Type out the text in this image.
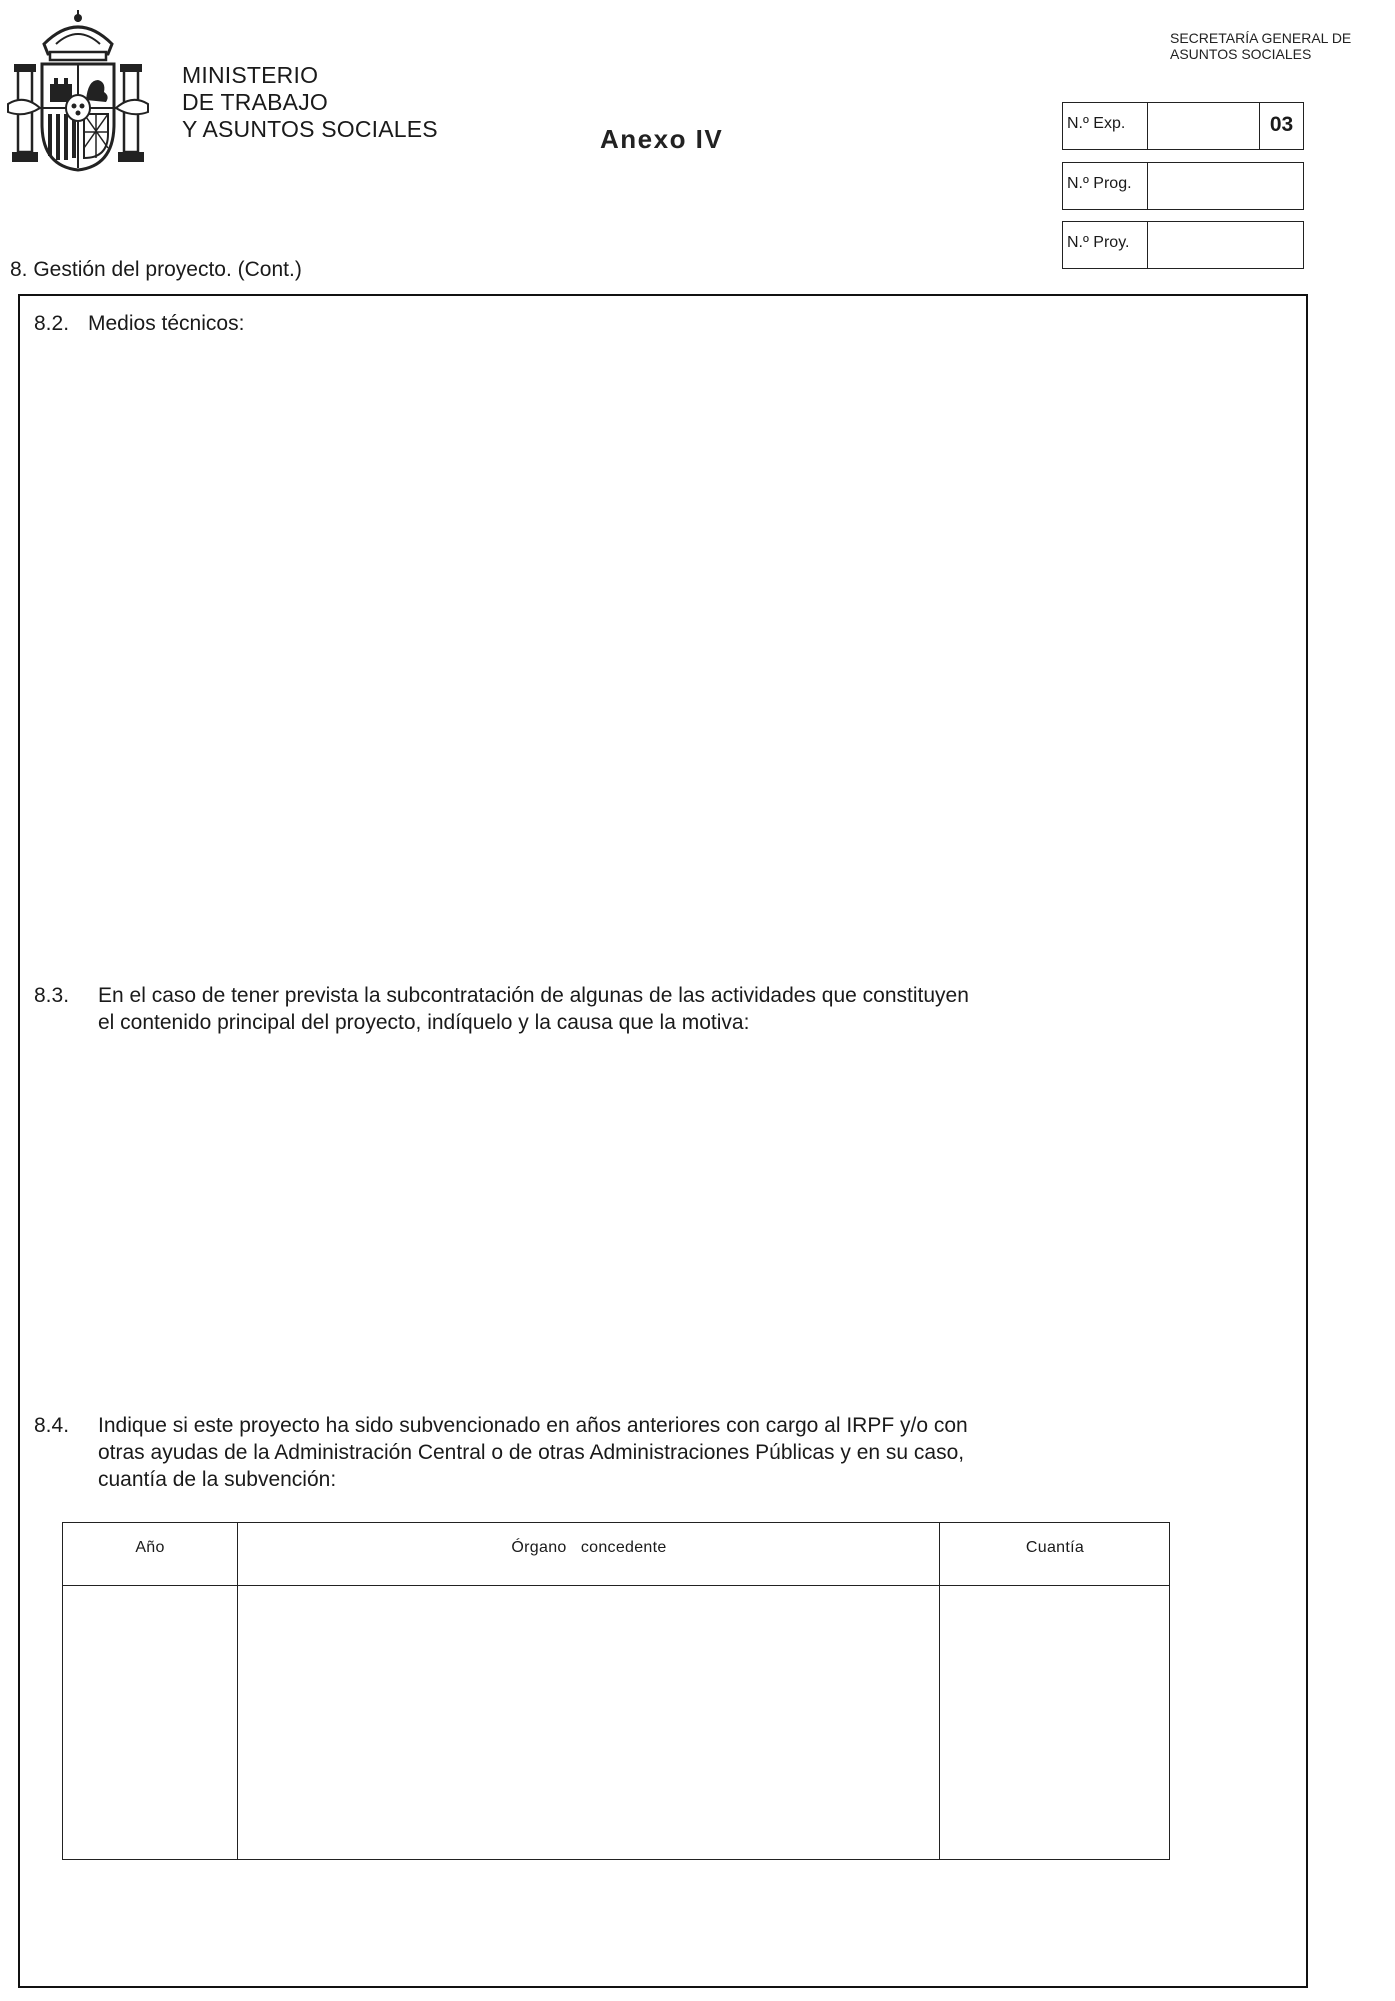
MINISTERIO
DE TRABAJO
Y ASUNTOS SOCIALES	Anexo IV
SECRETARÍA GENERAL DE
ASUNTOS SOCIALES
N.º Exp.	03
N.º Prog.
N.º Proy.
8. Gestión del proyecto. (Cont.)
8.2. Medios técnicos:
8.3. En el caso de tener prevista la subcontratación de algunas de las actividades que constituyen
el contenido principal del proyecto, indíquelo y la causa que la motiva:
8.4. Indique si este proyecto ha sido subvencionado en años anteriores con cargo al IRPF y/o con
otras ayudas de la Administración Central o de otras Administraciones Públicas y en su caso,
cuantía de la subvención:
Año	Órgano   concedente	Cuantía
